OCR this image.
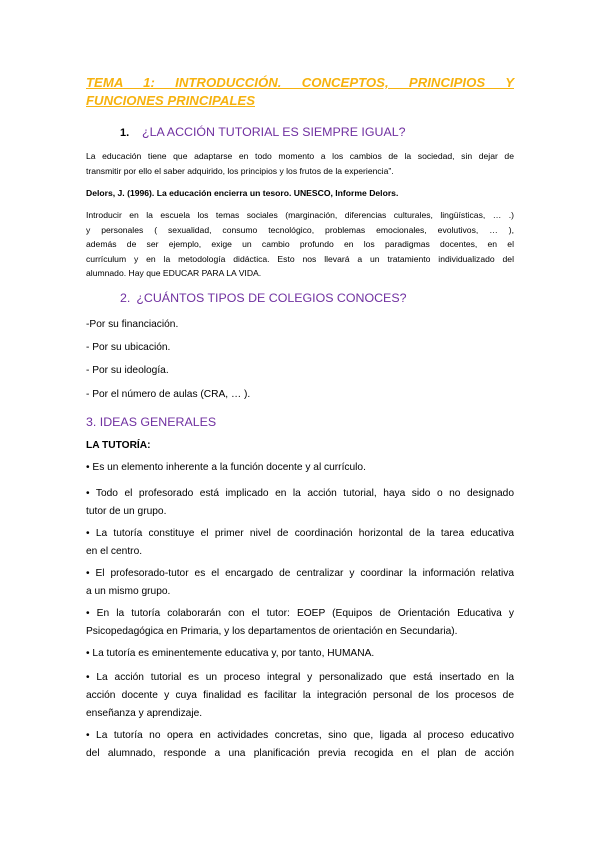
TEMA 1: INTRODUCCIÓN. CONCEPTOS, PRINCIPIOS Y
FUNCIONES PRINCIPALES
1. ¿LA ACCIÓN TUTORIAL ES SIEMPRE IGUAL?

La educación tiene que adaptarse en todo momento a los cambios de la sociedad, sin dejar de
transmitir por ello el saber adquirido, los principios y los frutos de la experiencia”.

Delors, J. (1996). La educación encierra un tesoro. UNESCO, Informe Delors.

Introducir en la escuela los temas sociales (marginación, diferencias culturales, lingüísticas, … .)
y personales ( sexualidad, consumo tecnológico, problemas emocionales, evolutivos, … ),
además de ser ejemplo, exige un cambio profundo en los paradigmas docentes, en el
currículum y en la metodología didáctica. Esto nos llevará a un tratamiento individualizado del
alumnado. Hay que EDUCAR PARA LA VIDA.

2. ¿CUÁNTOS TIPOS DE COLEGIOS CONOCES?

-Por su financiación.

- Por su ubicación.

- Por su ideología.

- Por el número de aulas (CRA, … ).

3. IDEAS GENERALES

LA TUTORÍA:

• Es un elemento inherente a la función docente y al currículo.

• Todo el profesorado está implicado en la acción tutorial, haya sido o no designado
tutor de un grupo.

• La tutoría constituye el primer nivel de coordinación horizontal de la tarea educativa
en el centro.

• El profesorado-tutor es el encargado de centralizar y coordinar la información relativa
a un mismo grupo.

• En la tutoría colaborarán con el tutor: EOEP (Equipos de Orientación Educativa y
Psicopedagógica en Primaria, y los departamentos de orientación en Secundaria).

• La tutoría es eminentemente educativa y, por tanto, HUMANA.

• La acción tutorial es un proceso integral y personalizado que está insertado en la
acción docente y cuya finalidad es facilitar la integración personal de los procesos de
enseñanza y aprendizaje.

• La tutoría no opera en actividades concretas, sino que, ligada al proceso educativo
del alumnado, responde a una planificación previa recogida en el plan de acción
